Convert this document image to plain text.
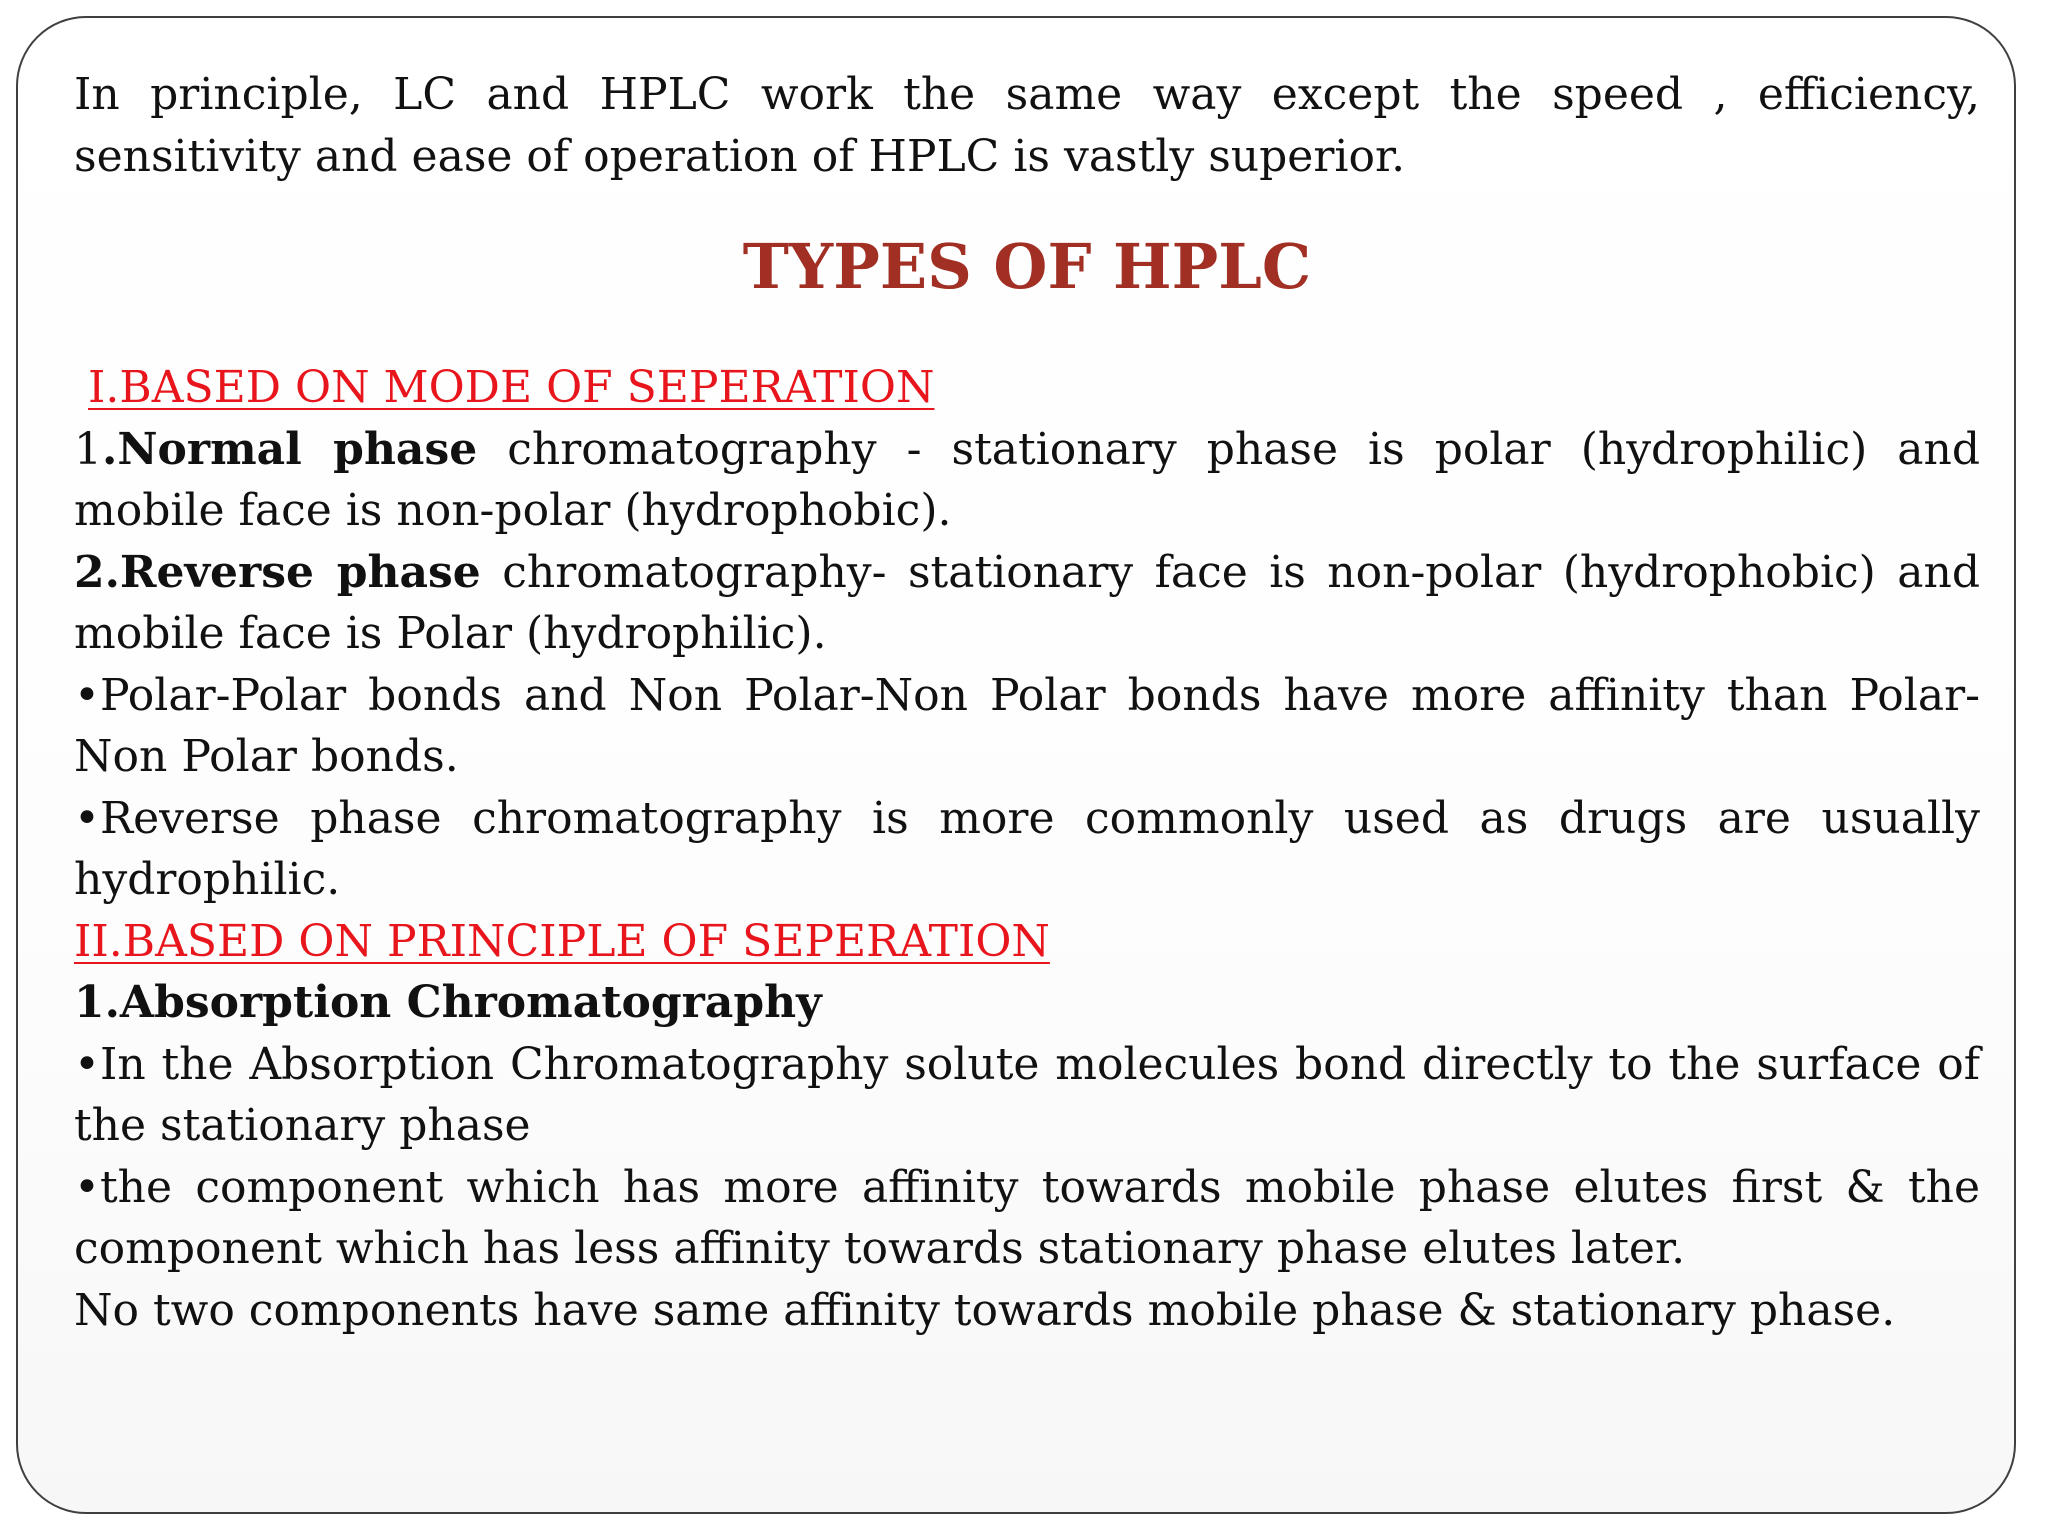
In principle, LC and HPLC work the same way except the speed , efficiency, sensitivity and ease of operation of HPLC is vastly superior.

TYPES OF HPLC

I.BASED ON MODE OF SEPERATION

1.Normal phase chromatography - stationary phase is polar (hydrophilic) and mobile face is non-polar (hydrophobic).

2.Reverse phase chromatography- stationary face is non-polar (hydrophobic) and mobile face is Polar (hydrophilic).

•Polar-Polar bonds and Non Polar-Non Polar bonds have more affinity than Polar-Non Polar bonds.

•Reverse phase chromatography is more commonly used as drugs are usually hydrophilic.

II.BASED ON PRINCIPLE OF SEPERATION

1.Absorption Chromatography

•In the Absorption Chromatography solute molecules bond directly to the surface of the stationary phase

•the component which has more affinity towards mobile phase elutes first & the component which has less affinity towards stationary phase elutes later.

No two components have same affinity towards mobile phase & stationary phase.
